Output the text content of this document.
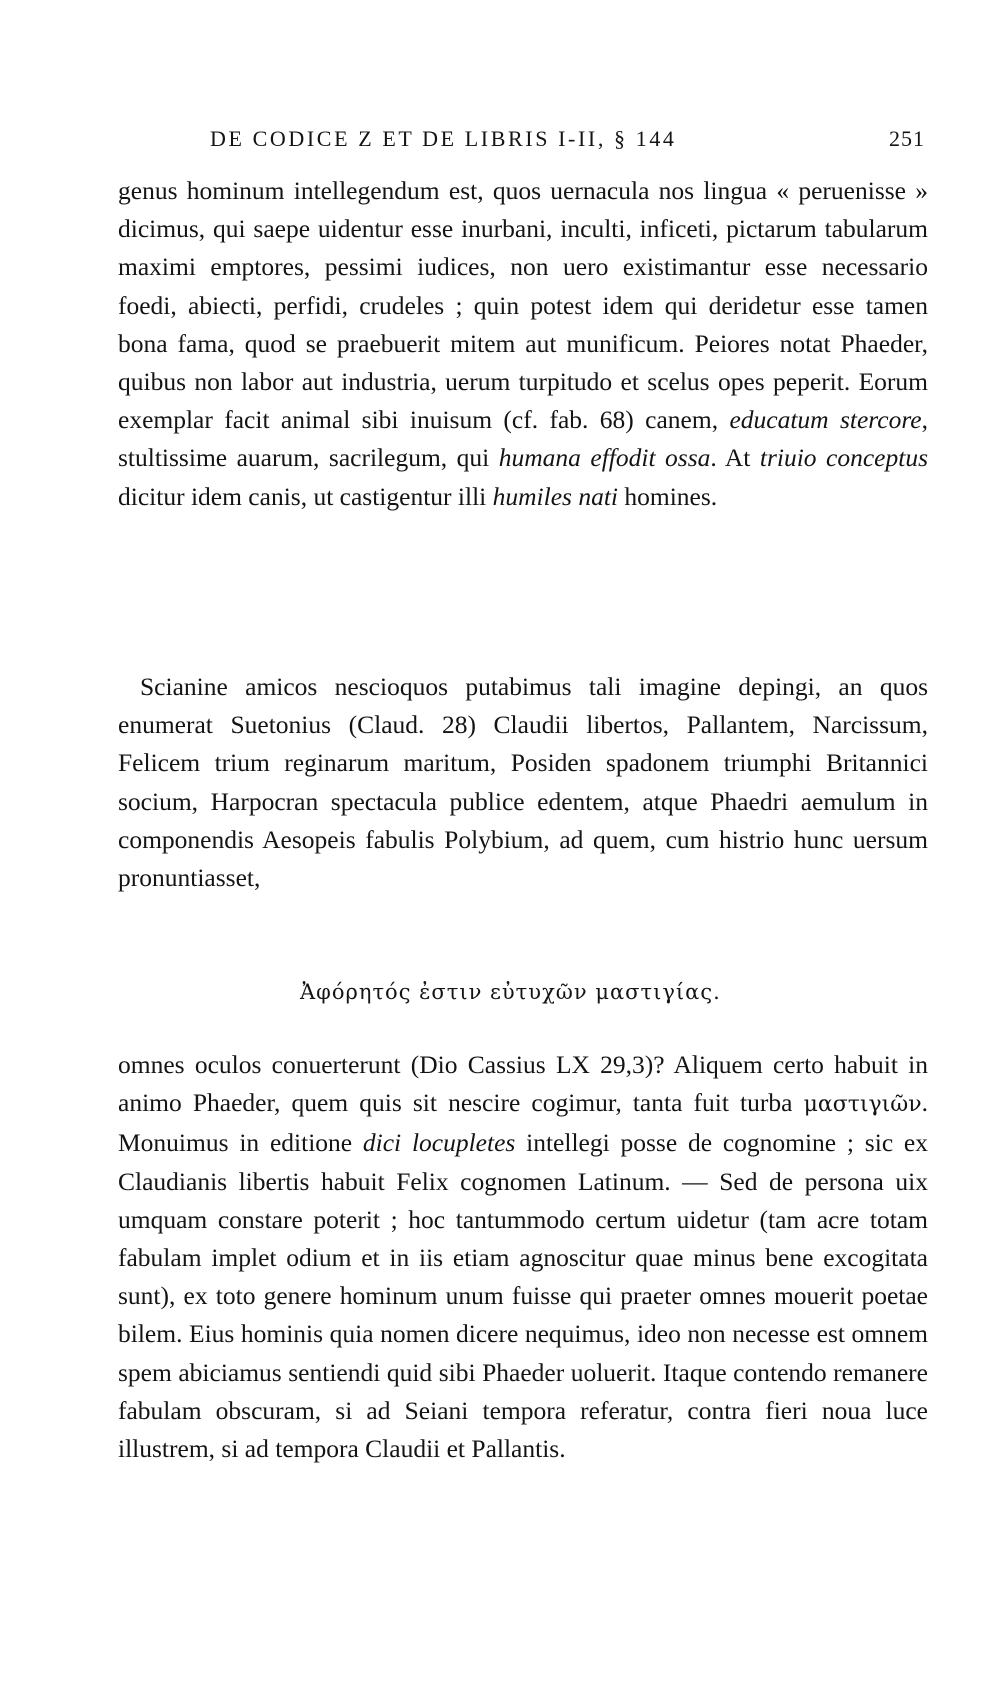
DE CODICE Z ET DE LIBRIS I-II, § 144	251

genus hominum intellegendum est, quos uernacula nos lingua « peruenisse » dicimus, qui saepe uidentur esse inurbani, inculti, inficeti, pictarum tabularum maximi emptores, pessimi iudices, non uero existimantur esse necessario foedi, abiecti, perfidi, crudeles ; quin potest idem qui deridetur esse tamen bona fama, quod se praebuerit mitem aut munificum. Peiores notat Phaeder, quibus non labor aut industria, uerum turpitudo et scelus opes peperit. Eorum exemplar facit animal sibi inuisum (cf. fab. 68) canem, educatum stercore, stultissime auarum, sacrilegum, qui humana effodit ossa. At triuio conceptus dicitur idem canis, ut castigentur illi humiles nati homines.

Scianine amicos nescioquos putabimus tali imagine depingi, an quos enumerat Suetonius (Claud. 28) Claudii libertos, Pallantem, Narcissum, Felicem trium reginarum maritum, Posiden spadonem triumphi Britannici socium, Harpocran spectacula publice edentem, atque Phaedri aemulum in componendis Aesopeis fabulis Polybium, ad quem, cum histrio hunc uersum pronuntiasset,

Ἀφόρητός ἐστιν εὐτυχῶν μαστιγίας.

omnes oculos conuerterunt (Dio Cassius LX 29,3)? Aliquem certo habuit in animo Phaeder, quem quis sit nescire cogimur, tanta fuit turba μαστιγιῶν. Monuimus in editione dici locupletes intellegi posse de cognomine ; sic ex Claudianis libertis habuit Felix cognomen Latinum. — Sed de persona uix umquam constare poterit ; hoc tantummodo certum uidetur (tam acre totam fabulam implet odium et in iis etiam agnoscitur quae minus bene excogitata sunt), ex toto genere hominum unum fuisse qui praeter omnes mouerit poetae bilem. Eius hominis quia nomen dicere nequimus, ideo non necesse est omnem spem abiciamus sentiendi quid sibi Phaeder uoluerit. Itaque contendo remanere fabulam obscuram, si ad Seiani tempora referatur, contra fieri noua luce illustrem, si ad tempora Claudii et Pallantis.
